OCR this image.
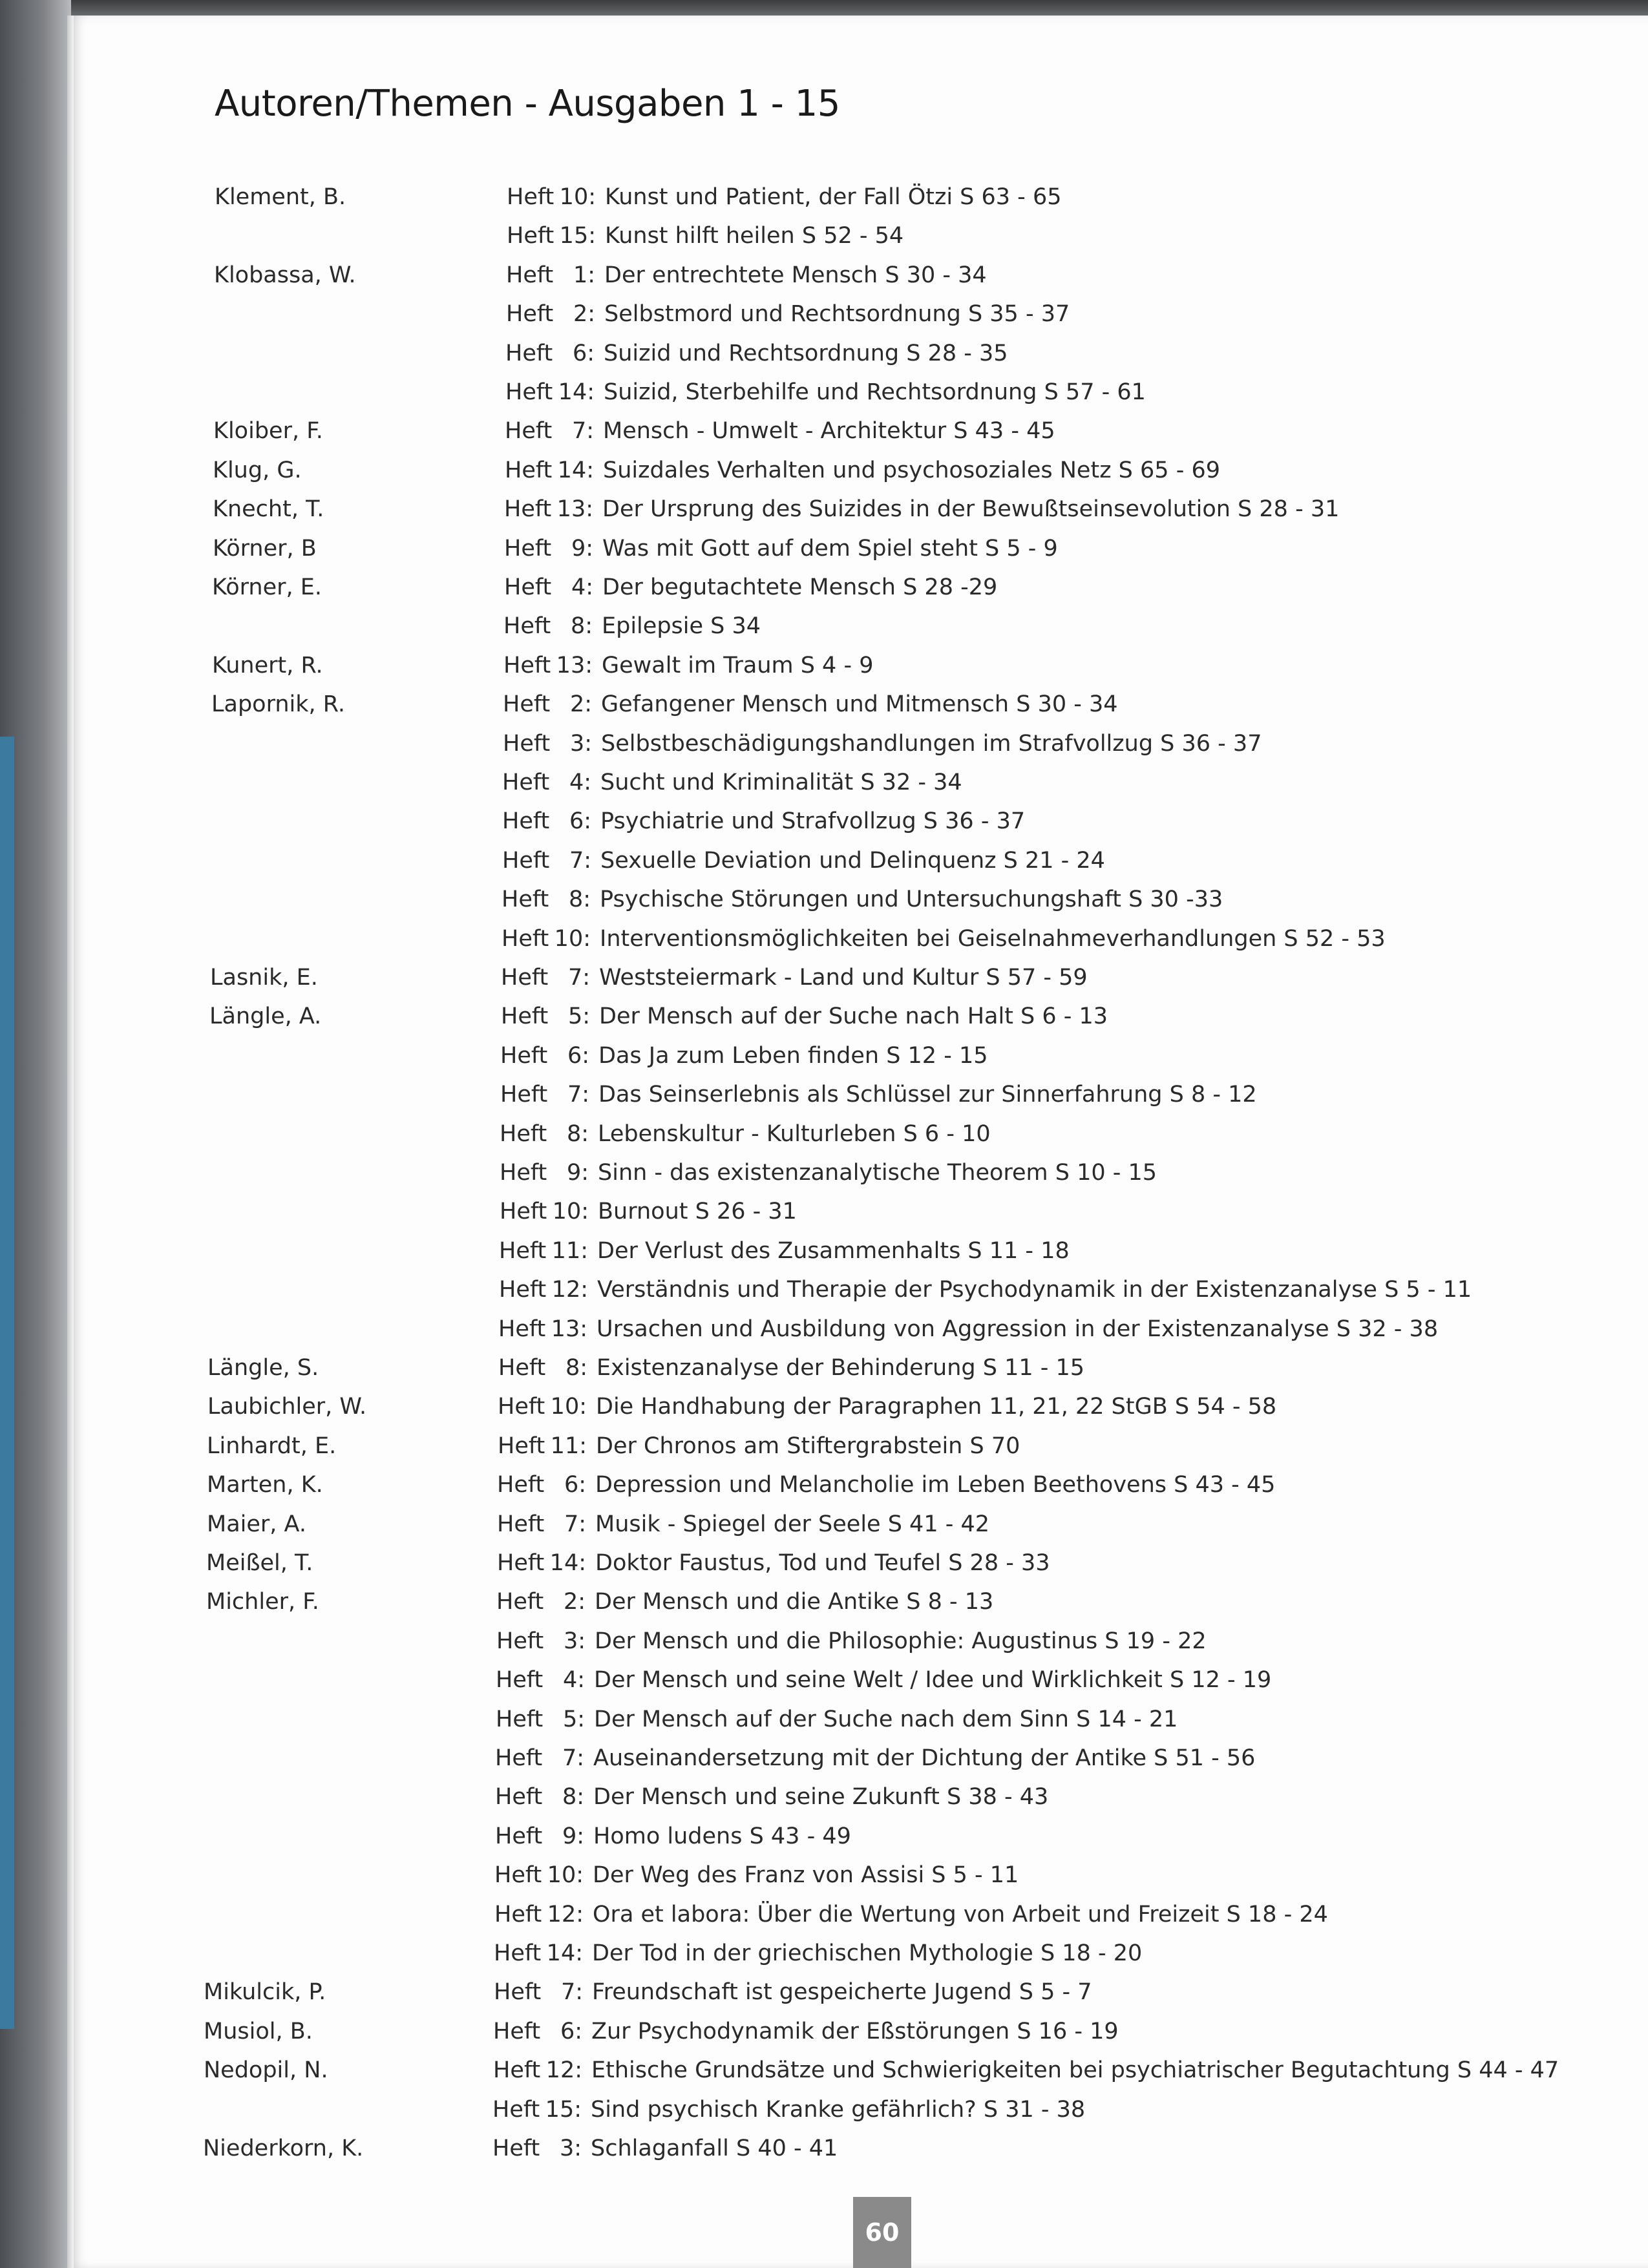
Autoren/Themen - Ausgaben 1 - 15
Klement, B.	Heft 10: Kunst und Patient, der Fall Ötzi S 63 - 65
Heft 15: Kunst hilft heilen S 52 - 54
Klobassa, W.	Heft 1: Der entrechtete Mensch S 30 - 34
Heft 2: Selbstmord und Rechtsordnung S 35 - 37
Heft 6: Suizid und Rechtsordnung S 28 - 35
Heft 14: Suizid, Sterbehilfe und Rechtsordnung S 57 - 61
Kloiber, F.	Heft 7: Mensch - Umwelt - Architektur S 43 - 45
Klug, G.	Heft 14: Suizdales Verhalten und psychosoziales Netz S 65 - 69
Knecht, T.	Heft 13: Der Ursprung des Suizides in der Bewußtseinsevolution S 28 - 31
Körner, B	Heft 9: Was mit Gott auf dem Spiel steht S 5 - 9
Körner, E.	Heft 4: Der begutachtete Mensch S 28 -29
Heft 8: Epilepsie S 34
Kunert, R.	Heft 13: Gewalt im Traum S 4 - 9
Lapornik, R.	Heft 2: Gefangener Mensch und Mitmensch S 30 - 34
Heft 3: Selbstbeschädigungshandlungen im Strafvollzug S 36 - 37
Heft 4: Sucht und Kriminalität S 32 - 34
Heft 6: Psychiatrie und Strafvollzug S 36 - 37
Heft 7: Sexuelle Deviation und Delinquenz S 21 - 24
Heft 8: Psychische Störungen und Untersuchungshaft S 30 -33
Heft 10: Interventionsmöglichkeiten bei Geiselnahmeverhandlungen S 52 - 53
Lasnik, E.	Heft 7: Weststeiermark - Land und Kultur S 57 - 59
Längle, A.	Heft 5: Der Mensch auf der Suche nach Halt S 6 - 13
Heft 6: Das Ja zum Leben finden S 12 - 15
Heft 7: Das Seinserlebnis als Schlüssel zur Sinnerfahrung S 8 - 12
Heft 8: Lebenskultur - Kulturleben S 6 - 10
Heft 9: Sinn - das existenzanalytische Theorem S 10 - 15
Heft 10: Burnout S 26 - 31
Heft 11: Der Verlust des Zusammenhalts S 11 - 18
Heft 12: Verständnis und Therapie der Psychodynamik in der Existenzanalyse S 5 - 11
Heft 13: Ursachen und Ausbildung von Aggression in der Existenzanalyse S 32 - 38
Längle, S.	Heft 8: Existenzanalyse der Behinderung S 11 - 15
Laubichler, W.	Heft 10: Die Handhabung der Paragraphen 11, 21, 22 StGB S 54 - 58
Linhardt, E.	Heft 11: Der Chronos am Stiftergrabstein S 70
Marten, K.	Heft 6: Depression und Melancholie im Leben Beethovens S 43 - 45
Maier, A.	Heft 7: Musik - Spiegel der Seele S 41 - 42
Meißel, T.	Heft 14: Doktor Faustus, Tod und Teufel S 28 - 33
Michler, F.	Heft 2: Der Mensch und die Antike S 8 - 13
Heft 3: Der Mensch und die Philosophie: Augustinus S 19 - 22
Heft 4: Der Mensch und seine Welt / Idee und Wirklichkeit S 12 - 19
Heft 5: Der Mensch auf der Suche nach dem Sinn S 14 - 21
Heft 7: Auseinandersetzung mit der Dichtung der Antike S 51 - 56
Heft 8: Der Mensch und seine Zukunft S 38 - 43
Heft 9: Homo ludens S 43 - 49
Heft 10: Der Weg des Franz von Assisi S 5 - 11
Heft 12: Ora et labora: Über die Wertung von Arbeit und Freizeit S 18 - 24
Heft 14: Der Tod in der griechischen Mythologie S 18 - 20
Mikulcik, P.	Heft 7: Freundschaft ist gespeicherte Jugend S 5 - 7
Musiol, B.	Heft 6: Zur Psychodynamik der Eßstörungen S 16 - 19
Nedopil, N.	Heft 12: Ethische Grundsätze und Schwierigkeiten bei psychiatrischer Begutachtung S 44 - 47
Heft 15: Sind psychisch Kranke gefährlich? S 31 - 38
Niederkorn, K.	Heft 3: Schlaganfall S 40 - 41
60
